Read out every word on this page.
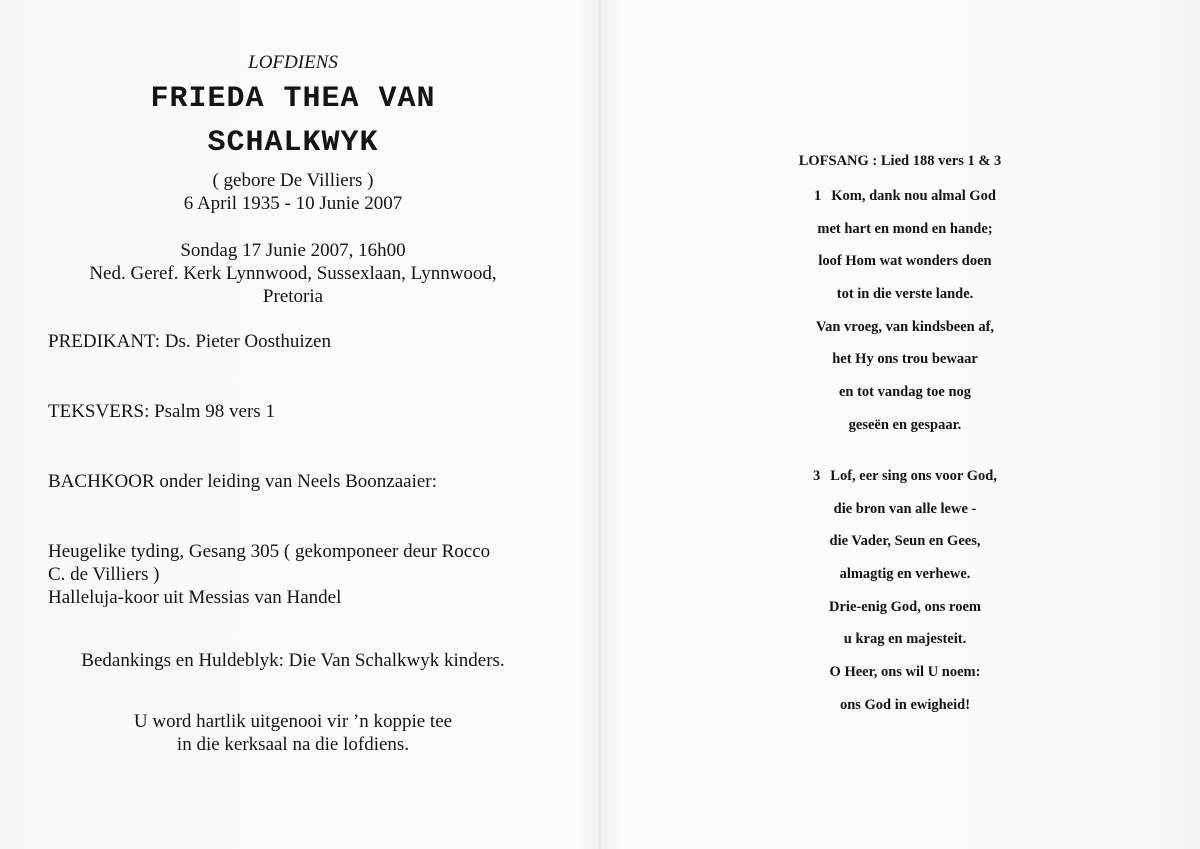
LOFDIENS
FRIEDA THEA VAN
SCHALKWYK
( gebore De Villiers )
6 April 1935 - 10 Junie 2007
Sondag 17 Junie 2007, 16h00
Ned. Geref. Kerk Lynnwood, Sussexlaan, Lynnwood,
Pretoria
PREDIKANT: Ds. Pieter Oosthuizen
TEKSVERS: Psalm 98 vers 1
BACHKOOR onder leiding van Neels Boonzaaier:
Heugelike tyding, Gesang 305 ( gekomponeer deur Rocco
C. de Villiers )
Halleluja-koor uit Messias van Handel
Bedankings en Huldeblyk: Die Van Schalkwyk kinders.
U word hartlik uitgenooi vir ’n koppie tee
in die kerksaal na die lofdiens.
LOFSANG : Lied 188 vers 1 & 3
1 Kom, dank nou almal God
met hart en mond en hande;
loof Hom wat wonders doen
tot in die verste lande.
Van vroeg, van kindsbeen af,
het Hy ons trou bewaar
en tot vandag toe nog
geseën en gespaar.
3 Lof, eer sing ons voor God,
die bron van alle lewe -
die Vader, Seun en Gees,
almagtig en verhewe.
Drie-enig God, ons roem
u krag en majesteit.
O Heer, ons wil U noem:
ons God in ewigheid!
